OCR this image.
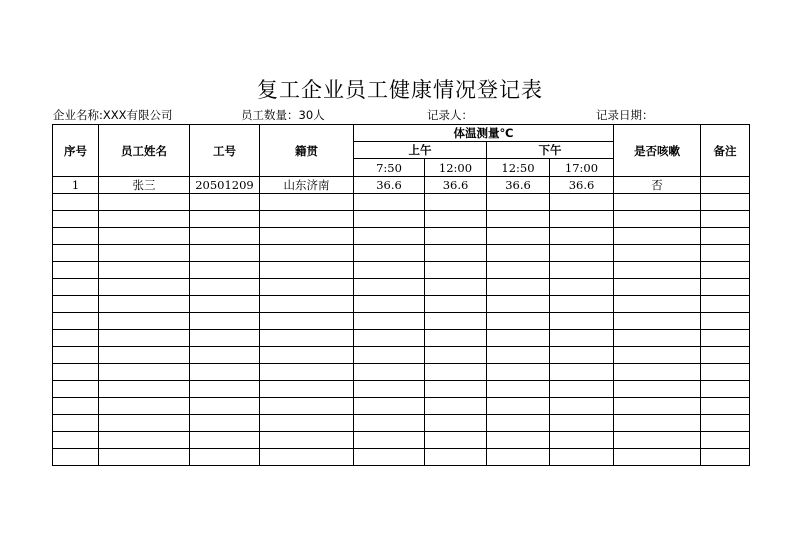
复工企业员工健康情况登记表
企业名称:XXX有限公司	员工数量：30人	记录人：	记录日期：
序号	员工姓名	工号	籍贯	体温测量℃				是否咳嗽	备注
				上午		下午			
				7:50	12:00	12:50	17:00		
1	张三	20501209	山东济南	36.6	36.6	36.6	36.6	否	
